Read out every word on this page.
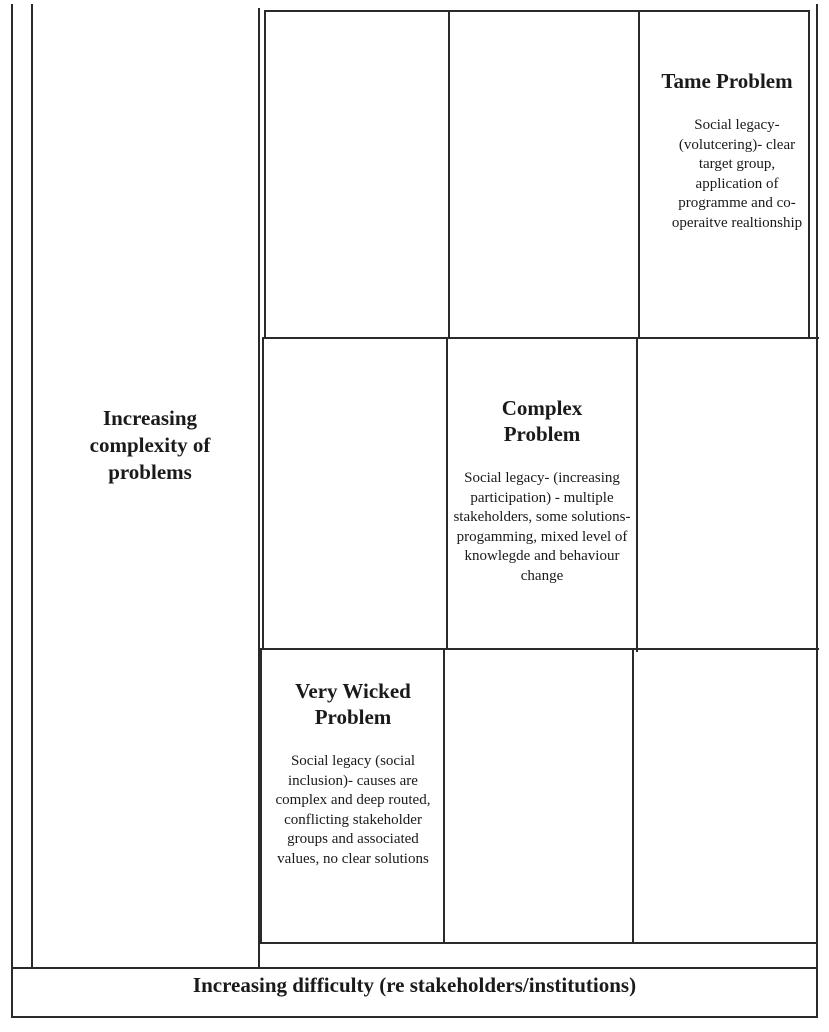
Increasing complexity of problems
Tame Problem
Social legacy- (volutcering)- clear target group, application of programme and co-operaitve realtionship
Complex Problem
Social legacy- (increasing participation) - multiple stakeholders, some solutions- progamming, mixed level of knowlegde and behaviour change
Very Wicked Problem
Social legacy (social inclusion)- causes are complex and deep routed, conflicting stakeholder groups and associated values, no clear solutions
Increasing difficulty (re stakeholders/institutions)
